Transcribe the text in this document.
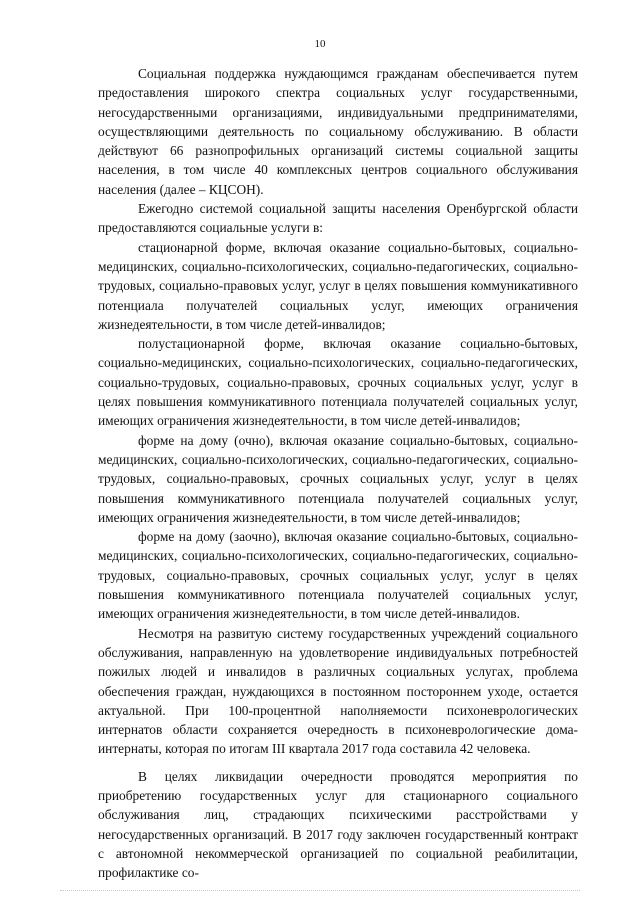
10

Социальная поддержка нуждающимся гражданам обеспечивается путем предоставления широкого спектра социальных услуг государственными, негосударственными организациями, индивидуальными предпринимателями, осуществляющими деятельность по социальному обслуживанию. В области действуют 66 разнопрофильных организаций системы социальной защиты населения, в том числе 40 комплексных центров социального обслуживания населения (далее – КЦСОН).

Ежегодно системой социальной защиты населения Оренбургской области предоставляются социальные услуги в:

стационарной форме, включая оказание социально-бытовых, социально-медицинских, социально-психологических, социально-педагогических, социально-трудовых, социально-правовых услуг, услуг в целях повышения коммуникативного потенциала получателей социальных услуг, имеющих ограничения жизнедеятельности, в том числе детей-инвалидов;

полустационарной форме, включая оказание социально-бытовых, социально-медицинских, социально-психологических, социально-педагогических, социально-трудовых, социально-правовых, срочных социальных услуг, услуг в целях повышения коммуникативного потенциала получателей социальных услуг, имеющих ограничения жизнедеятельности, в том числе детей-инвалидов;

форме на дому (очно), включая оказание социально-бытовых, социально-медицинских, социально-психологических, социально-педагогических, социально-трудовых, социально-правовых, срочных социальных услуг, услуг в целях повышения коммуникативного потенциала получателей социальных услуг, имеющих ограничения жизнедеятельности, в том числе детей-инвалидов;

форме на дому (заочно), включая оказание социально-бытовых, социально-медицинских, социально-психологических, социально-педагогических, социально-трудовых, социально-правовых, срочных социальных услуг, услуг в целях повышения коммуникативного потенциала получателей социальных услуг, имеющих ограничения жизнедеятельности, в том числе детей-инвалидов.

Несмотря на развитую систему государственных учреждений социального обслуживания, направленную на удовлетворение индивидуальных потребностей пожилых людей и инвалидов в различных социальных услугах, проблема обеспечения граждан, нуждающихся в постоянном постороннем уходе, остается актуальной. При 100-процентной наполняемости психоневрологических интернатов области сохраняется очередность в психоневрологические дома-интернаты, которая по итогам III квартала 2017 года составила 42 человека.

В целях ликвидации очередности проводятся мероприятия по приобретению государственных услуг для стационарного социального обслуживания лиц, страдающих психическими расстройствами у негосударственных организаций. В 2017 году заключен государственный контракт с автономной некоммерческой организацией по социальной реабилитации, профилактике со-
